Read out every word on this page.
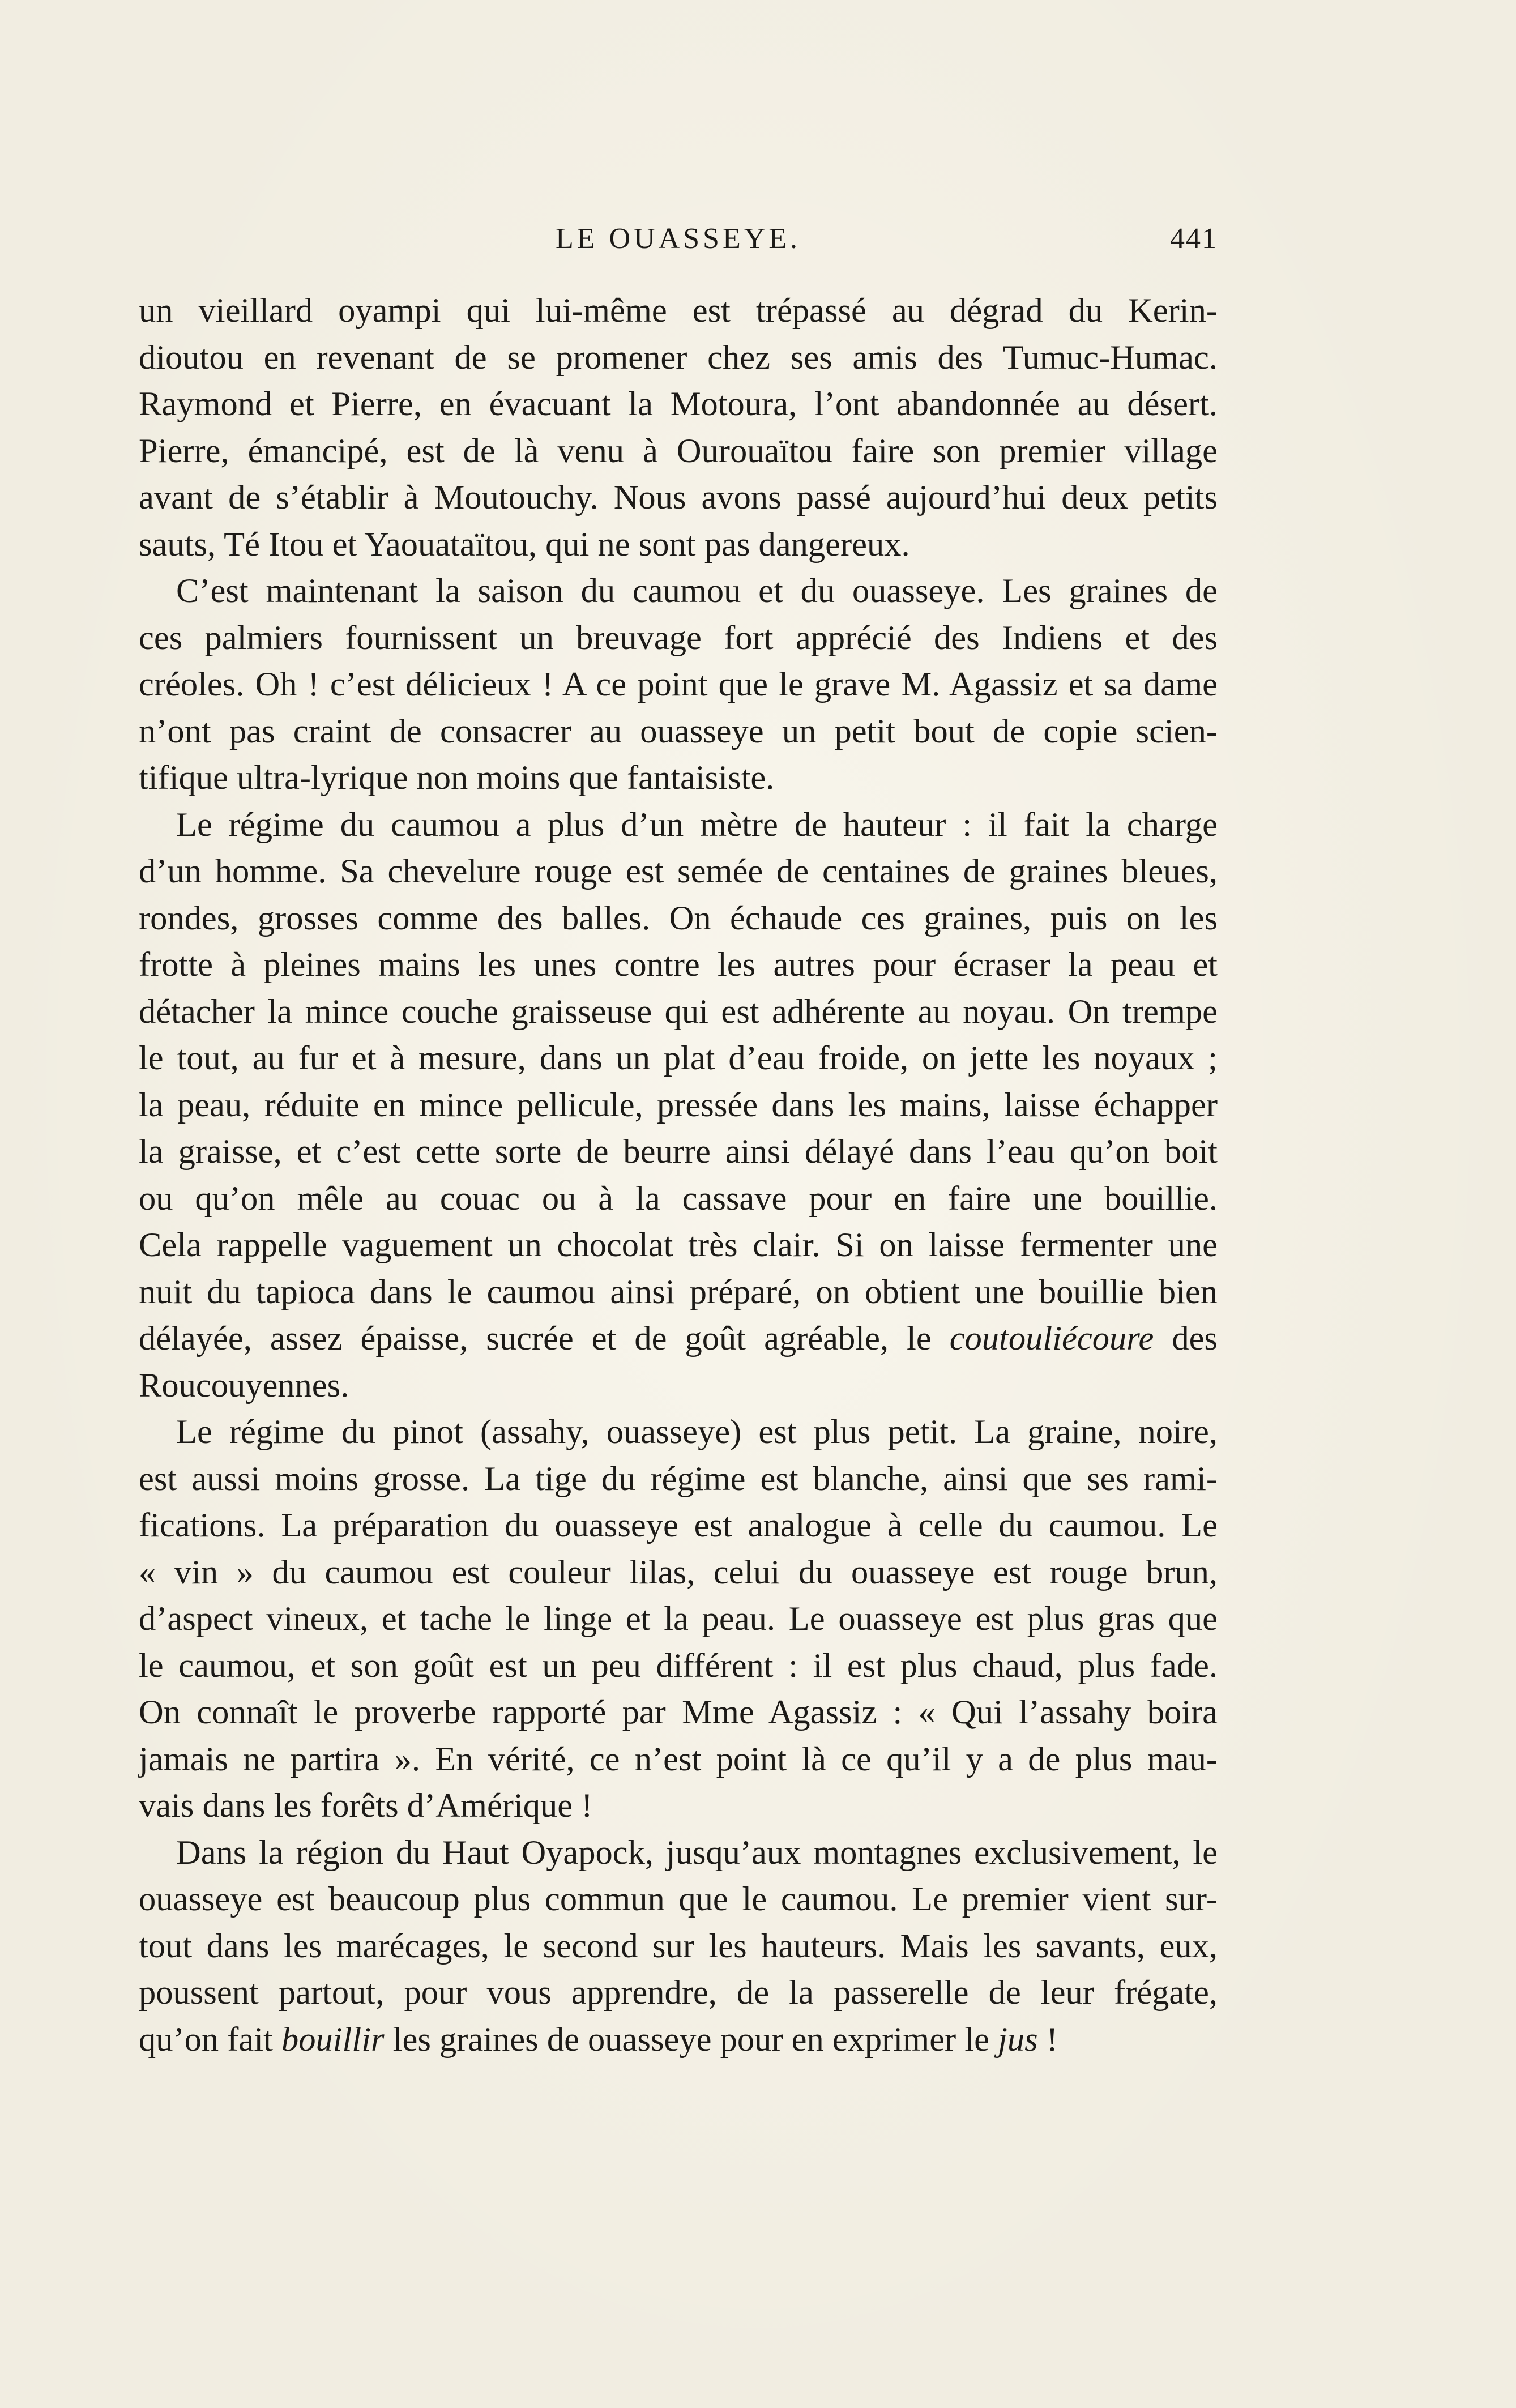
LE OUASSEYE.	441
un vieillard oyampi qui lui-même est trépassé au dégrad du Kerin-
dioutou en revenant de se promener chez ses amis des Tumuc-Humac.
Raymond et Pierre, en évacuant la Motoura, l’ont abandonnée au désert.
Pierre, émancipé, est de là venu à Ourouaïtou faire son premier village
avant de s’établir à Moutouchy. Nous avons passé aujourd’hui deux petits
sauts, Té Itou et Yaouataïtou, qui ne sont pas dangereux.
C’est maintenant la saison du caumou et du ouasseye. Les graines de
ces palmiers fournissent un breuvage fort apprécié des Indiens et des
créoles. Oh ! c’est délicieux ! A ce point que le grave M. Agassiz et sa dame
n’ont pas craint de consacrer au ouasseye un petit bout de copie scien-
tifique ultra-lyrique non moins que fantaisiste.
Le régime du caumou a plus d’un mètre de hauteur : il fait la charge
d’un homme. Sa chevelure rouge est semée de centaines de graines bleues,
rondes, grosses comme des balles. On échaude ces graines, puis on les
frotte à pleines mains les unes contre les autres pour écraser la peau et
détacher la mince couche graisseuse qui est adhérente au noyau. On trempe
le tout, au fur et à mesure, dans un plat d’eau froide, on jette les noyaux ;
la peau, réduite en mince pellicule, pressée dans les mains, laisse échapper
la graisse, et c’est cette sorte de beurre ainsi délayé dans l’eau qu’on boit
ou qu’on mêle au couac ou à la cassave pour en faire une bouillie.
Cela rappelle vaguement un chocolat très clair. Si on laisse fermenter une
nuit du tapioca dans le caumou ainsi préparé, on obtient une bouillie bien
délayée, assez épaisse, sucrée et de goût agréable, le coutouliécoure des
Roucouyennes.
Le régime du pinot (assahy, ouasseye) est plus petit. La graine, noire,
est aussi moins grosse. La tige du régime est blanche, ainsi que ses rami-
fications. La préparation du ouasseye est analogue à celle du caumou. Le
« vin » du caumou est couleur lilas, celui du ouasseye est rouge brun,
d’aspect vineux, et tache le linge et la peau. Le ouasseye est plus gras que
le caumou, et son goût est un peu différent : il est plus chaud, plus fade.
On connaît le proverbe rapporté par Mme Agassiz : « Qui l’assahy boira
jamais ne partira ». En vérité, ce n’est point là ce qu’il y a de plus mau-
vais dans les forêts d’Amérique !
Dans la région du Haut Oyapock, jusqu’aux montagnes exclusivement, le
ouasseye est beaucoup plus commun que le caumou. Le premier vient sur-
tout dans les marécages, le second sur les hauteurs. Mais les savants, eux,
poussent partout, pour vous apprendre, de la passerelle de leur frégate,
qu’on fait bouillir les graines de ouasseye pour en exprimer le jus !
